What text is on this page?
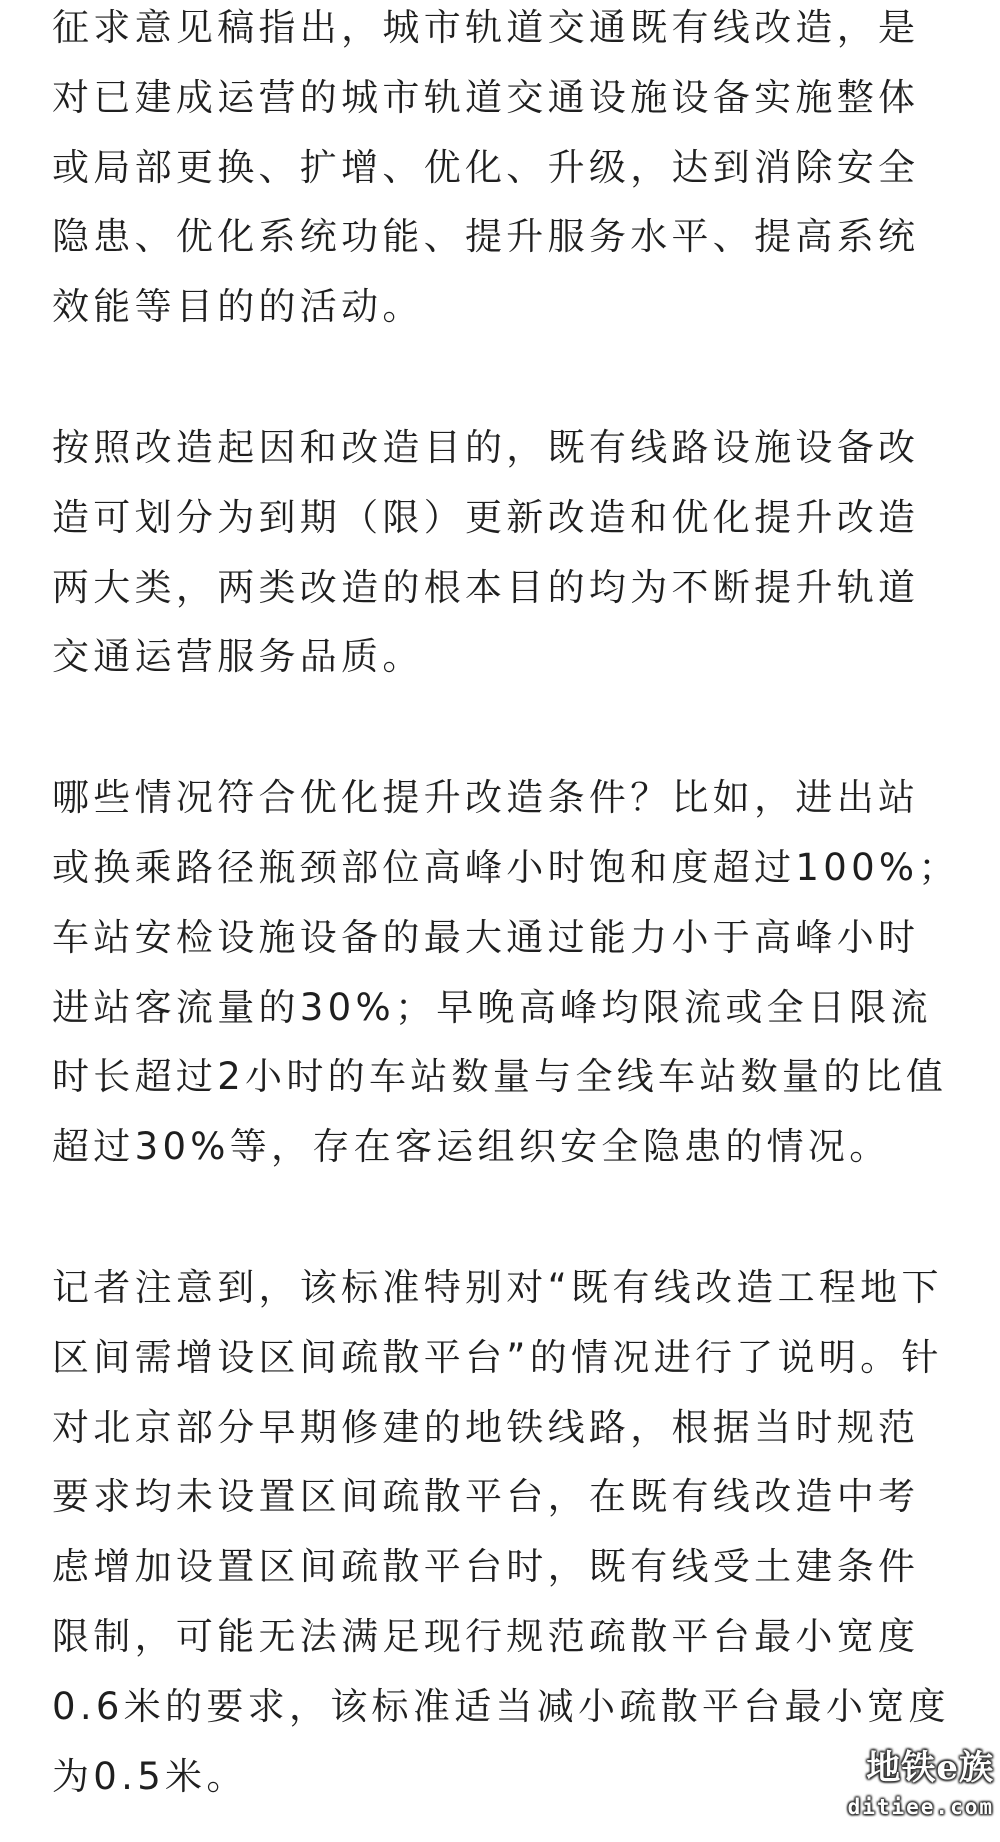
征求意见稿指出，城市轨道交通既有线改造，是
对已建成运营的城市轨道交通设施设备实施整体
或局部更换、扩增、优化、升级，达到消除安全
隐患、优化系统功能、提升服务水平、提高系统
效能等目的的活动。
按照改造起因和改造目的，既有线路设施设备改
造可划分为到期（限）更新改造和优化提升改造
两大类，两类改造的根本目的均为不断提升轨道
交通运营服务品质。
哪些情况符合优化提升改造条件？比如，进出站
或换乘路径瓶颈部位高峰小时饱和度超过100%；
车站安检设施设备的最大通过能力小于高峰小时
进站客流量的30%；早晚高峰均限流或全日限流
时长超过2小时的车站数量与全线车站数量的比值
超过30%等，存在客运组织安全隐患的情况。
记者注意到，该标准特别对“既有线改造工程地下
区间需增设区间疏散平台”的情况进行了说明。针
对北京部分早期修建的地铁线路，根据当时规范
要求均未设置区间疏散平台，在既有线改造中考
虑增加设置区间疏散平台时，既有线受土建条件
限制，可能无法满足现行规范疏散平台最小宽度
0.6米的要求，该标准适当减小疏散平台最小宽度
为0.5米。	地铁e族
ditiee.com
